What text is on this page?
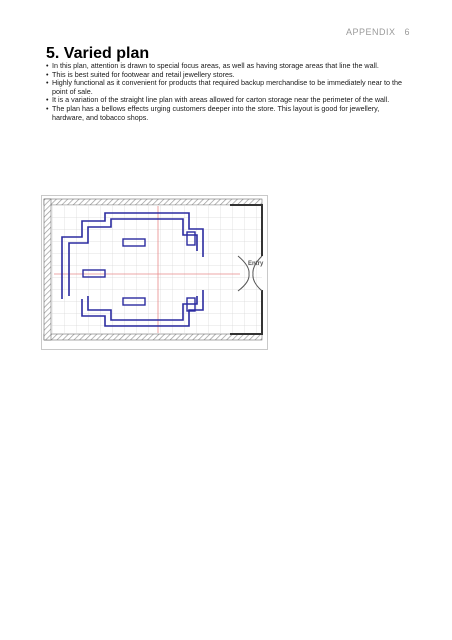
APPENDIX 6
5. Varied plan
• In this plan, attention is drawn to special focus areas, as well as having storage areas that line the wall.
• This is best suited for footwear and retail jewellery stores.
• Highly functional as it convenient for products that required backup merchandise to be immediately near to the point of sale.
• It is a variation of the straight line plan with areas allowed for carton storage near the perimeter of the wall.
• The plan has a bellows effects urging customers deeper into the store. This layout is good for jewellery, hardware, and tobacco shops.
Entry
